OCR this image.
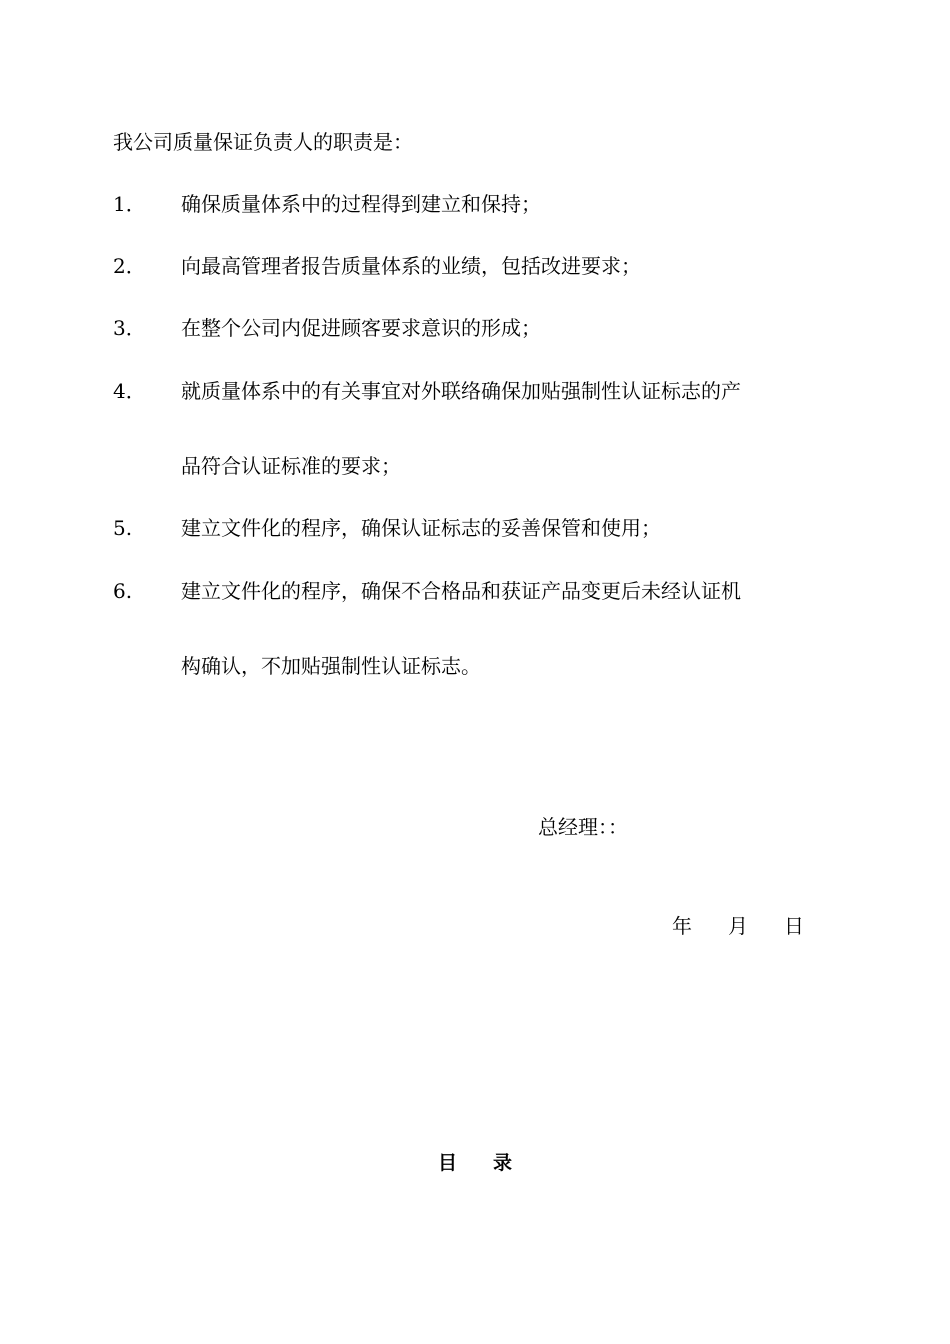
我公司质量保证负责人的职责是：
1．	确保质量体系中的过程得到建立和保持；
2．	向最高管理者报告质量体系的业绩，包括改进要求；
3．	在整个公司内促进顾客要求意识的形成；
4．	就质量体系中的有关事宜对外联络确保加贴强制性认证标志的产
品符合认证标准的要求；
5.	建立文件化的程序，确保认证标志的妥善保管和使用；
6.	建立文件化的程序，确保不合格品和获证产品变更后未经认证机
构确认，不加贴强制性认证标志。
总经理：：
年 月 日
目 录
